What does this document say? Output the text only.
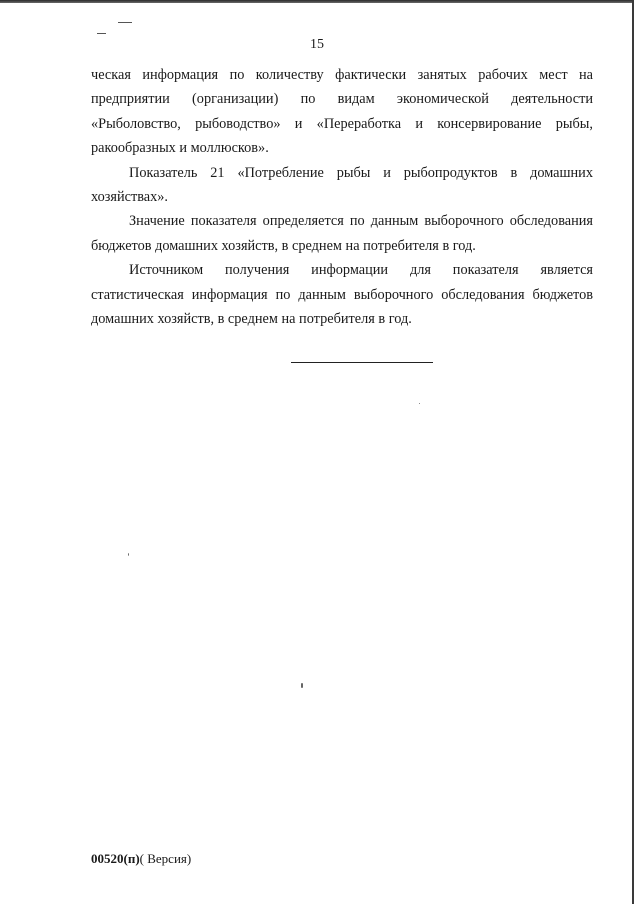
15

ческая информация по количеству фактически занятых рабочих мест на предприятии (организации) по видам экономической деятельности «Рыболовство, рыбоводство» и «Переработка и консервирование рыбы, ракообразных и моллюсков».

Показатель 21 «Потребление рыбы и рыбопродуктов в домашних хозяйствах».

Значение показателя определяется по данным выборочного обследования бюджетов домашних хозяйств, в среднем на потребителя в год.

Источником получения информации для показателя является статистическая информация по данным выборочного обследования бюджетов домашних хозяйств, в среднем на потребителя в год.

00520(п)( Версия)
